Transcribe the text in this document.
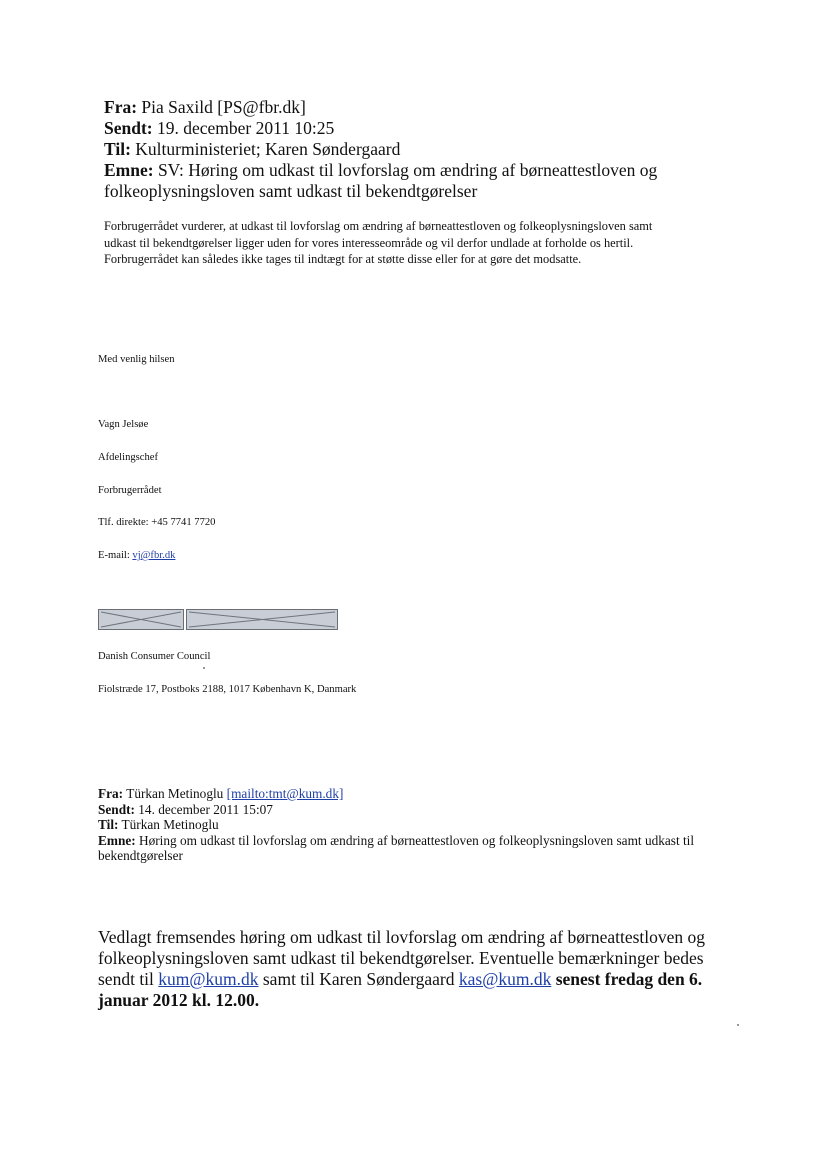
Fra: Pia Saxild [PS@fbr.dk]
Sendt: 19. december 2011 10:25
Til: Kulturministeriet; Karen Søndergaard
Emne: SV: Høring om udkast til lovforslag om ændring af børneattestloven og folkeoplysningsloven samt udkast til bekendtgørelser
Forbrugerrådet vurderer, at udkast til lovforslag om ændring af børneattestloven og folkeoplysningsloven samt
udkast til bekendtgørelser ligger uden for vores interesseområde og vil derfor undlade at forholde os hertil.
Forbrugerrådet kan således ikke tages til indtægt for at støtte disse eller for at gøre det modsatte.
Med venlig hilsen
Vagn Jelsøe
Afdelingschef
Forbrugerrådet
Tlf. direkte: +45 7741 7720
E-mail: vj@fbr.dk
Danish Consumer Council
Fiolstræde 17, Postboks 2188, 1017 København K, Danmark
Fra: Türkan Metinoglu [mailto:tmt@kum.dk]
Sendt: 14. december 2011 15:07
Til: Türkan Metinoglu
Emne: Høring om udkast til lovforslag om ændring af børneattestloven og folkeoplysningsloven samt udkast til bekendtgørelser
Vedlagt fremsendes høring om udkast til lovforslag om ændring af børneattestloven og folkeoplysningsloven samt udkast til bekendtgørelser. Eventuelle bemærkninger bedes sendt til kum@kum.dk samt til Karen Søndergaard kas@kum.dk senest fredag den 6. januar 2012 kl. 12.00.
